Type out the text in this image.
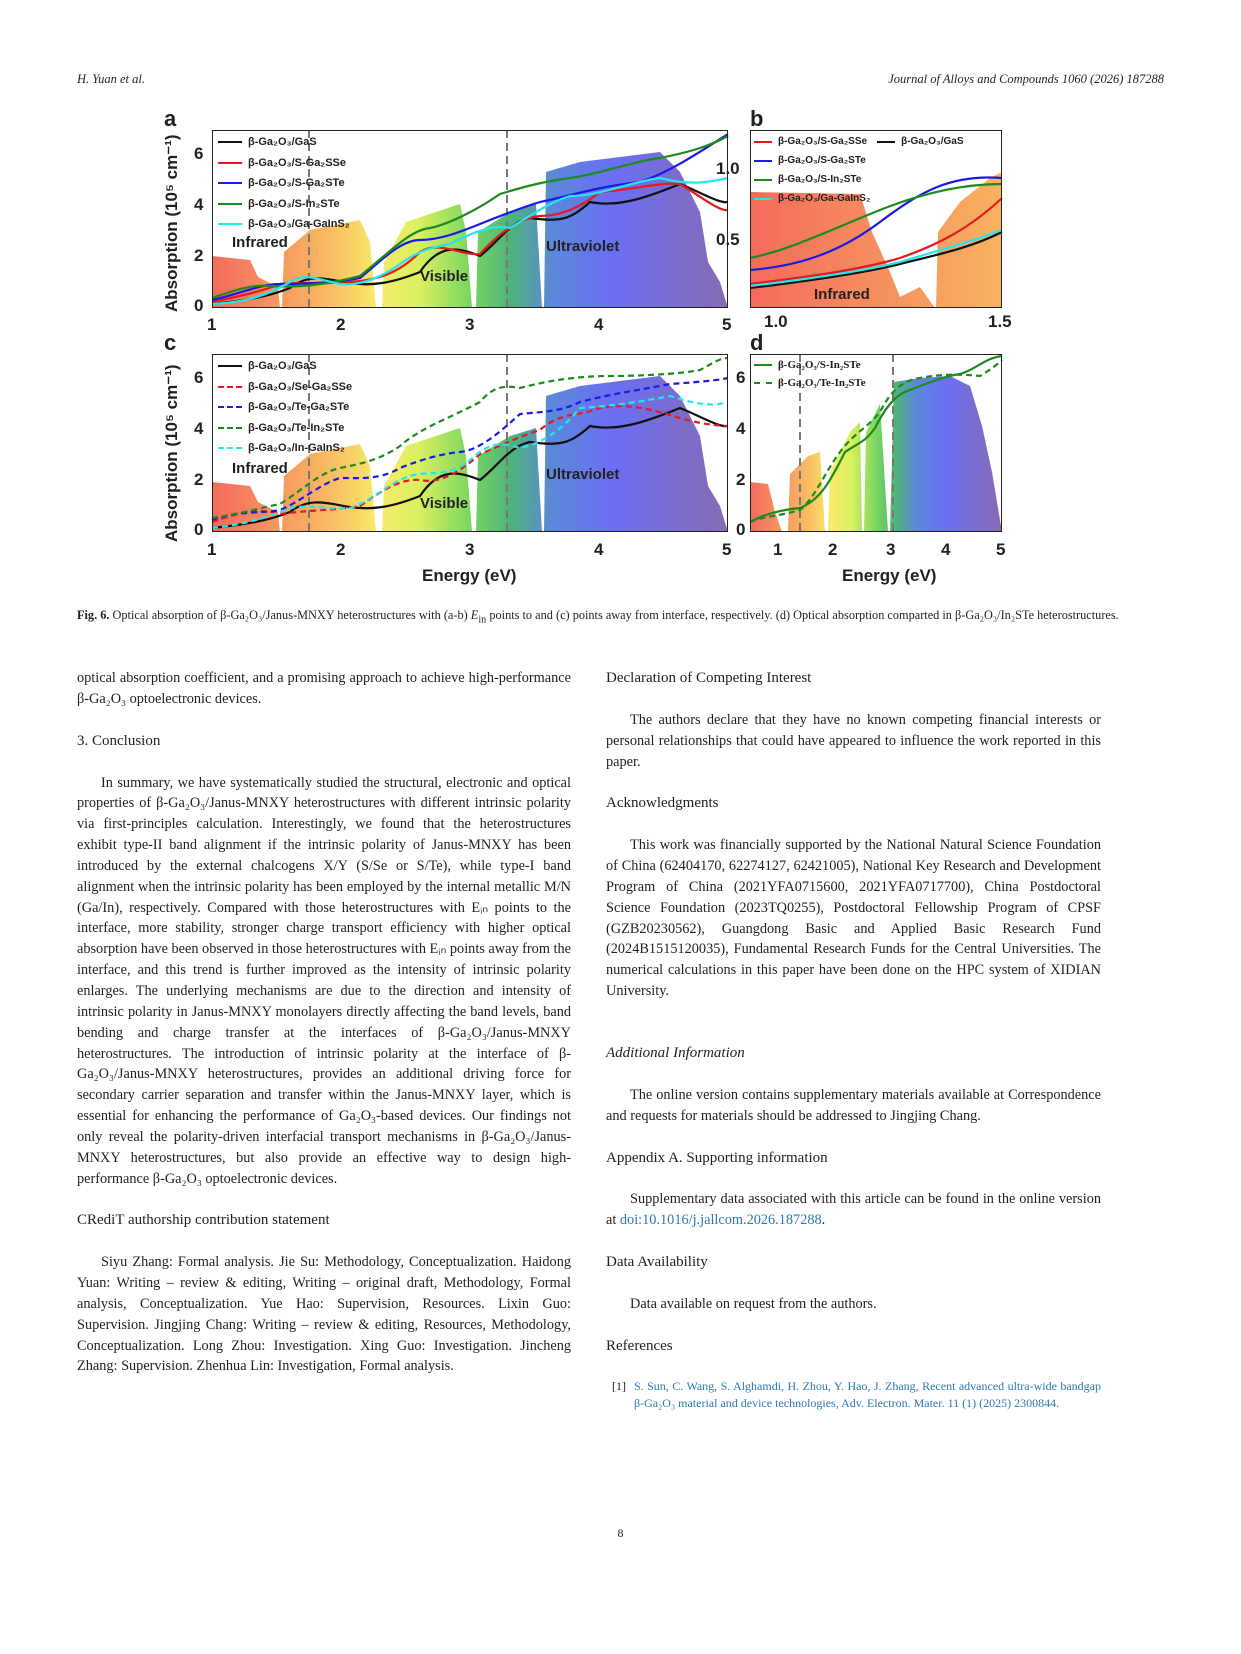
H. Yuan et al.	Journal of Alloys and Compounds 1060 (2026) 187288
a	b
c	d
Absorption (10⁵ cm⁻¹)
Absorption (10⁵ cm⁻¹)
0
2
4
6
1	2	3	4	5
0.5
1.0
1.0	1.5
0
2
4
6
1	2	3	4	5
0
2
4
6
1	2	3	4	5
Energy (eV)	Energy (eV)
Infrared
Visible
Ultraviolet
Infrared
Infrared
Visible
Ultraviolet
β-Ga₂O₃/GaS
β-Ga₂O₃/S-Ga₂SSe
β-Ga₂O₃/S-Ga₂STe
β-Ga₂O₃/S-In₂STe
β-Ga₂O₃/Ga-GaInS₂
β-Ga₂O₃/S-Ga₂SSe	β-Ga₂O₃/GaS
β-Ga₂O₃/S-Ga₂STe
β-Ga₂O₃/S-In₂STe
β-Ga₂O₃/Ga-GaInS₂
β-Ga₂O₃/GaS
β-Ga₂O₃/Se-Ga₂SSe
β-Ga₂O₃/Te-Ga₂STe
β-Ga₂O₃/Te-In₂STe
β-Ga₂O₃/In-GaInS₂
β-Ga₂O₃/S-In₂STe
β-Ga₂O₃/Te-In₂STe
Fig. 6. Optical absorption of β-Ga₂O₃/Janus-MNXY heterostructures with (a-b) $E_{in}$ points to and (c) points away from interface, respectively. (d) Optical absorption comparted in β-Ga₂O₃/In₂STe heterostructures.

optical absorption coefficient, and a promising approach to achieve high-performance β-Ga₂O₃ optoelectronic devices.

3. Conclusion

In summary, we have systematically studied the structural, electronic and optical properties of β-Ga₂O₃/Janus-MNXY heterostructures with different intrinsic polarity via first-principles calculation. Interestingly, we found that the heterostructures exhibit type-II band alignment if the intrinsic polarity of Janus-MNXY has been introduced by the external chalcogens X/Y (S/Se or S/Te), while type-I band alignment when the intrinsic polarity has been employed by the internal metallic M/N (Ga/In), respectively. Compared with those heterostructures with Eᵢₙ points to the interface, more stability, stronger charge transport efficiency with higher optical absorption have been observed in those heterostructures with Eᵢₙ points away from the interface, and this trend is further improved as the intensity of intrinsic polarity enlarges. The underlying mechanisms are due to the direction and intensity of intrinsic polarity in Janus-MNXY monolayers directly affecting the band levels, band bending and charge transfer at the interfaces of β-Ga₂O₃/Janus-MNXY heterostructures. The introduction of intrinsic polarity at the interface of β-Ga₂O₃/Janus-MNXY heterostructures, provides an additional driving force for secondary carrier separation and transfer within the Janus-MNXY layer, which is essential for enhancing the performance of Ga₂O₃-based devices. Our findings not only reveal the polarity-driven interfacial transport mechanisms in β-Ga₂O₃/Janus-MNXY heterostructures, but also provide an effective way to design high-performance β-Ga₂O₃ optoelectronic devices.

CRediT authorship contribution statement

Siyu Zhang: Formal analysis. Jie Su: Methodology, Conceptualization. Haidong Yuan: Writing – review & editing, Writing – original draft, Methodology, Formal analysis, Conceptualization. Yue Hao: Supervision, Resources. Lixin Guo: Supervision. Jingjing Chang: Writing – review & editing, Resources, Methodology, Conceptualization. Long Zhou: Investigation. Xing Guo: Investigation. Jincheng Zhang: Supervision. Zhenhua Lin: Investigation, Formal analysis.

Declaration of Competing Interest

The authors declare that they have no known competing financial interests or personal relationships that could have appeared to influence the work reported in this paper.

Acknowledgments

This work was financially supported by the National Natural Science Foundation of China (62404170, 62274127, 62421005), National Key Research and Development Program of China (2021YFA0715600, 2021YFA0717700), China Postdoctoral Science Foundation (2023TQ0255), Postdoctoral Fellowship Program of CPSF (GZB20230562), Guangdong Basic and Applied Basic Research Fund (2024B1515120035), Fundamental Research Funds for the Central Universities. The numerical calculations in this paper have been done on the HPC system of XIDIAN University.

Additional Information

The online version contains supplementary materials available at Correspondence and requests for materials should be addressed to Jingjing Chang.

Appendix A. Supporting information

Supplementary data associated with this article can be found in the online version at doi:10.1016/j.jallcom.2026.187288.

Data Availability

Data available on request from the authors.

References
[1] S. Sun, C. Wang, S. Alghamdi, H. Zhou, Y. Hao, J. Zhang, Recent advanced ultra-wide bandgap β-Ga₂O₃ material and device technologies, Adv. Electron. Mater. 11 (1) (2025) 2300844.
8
